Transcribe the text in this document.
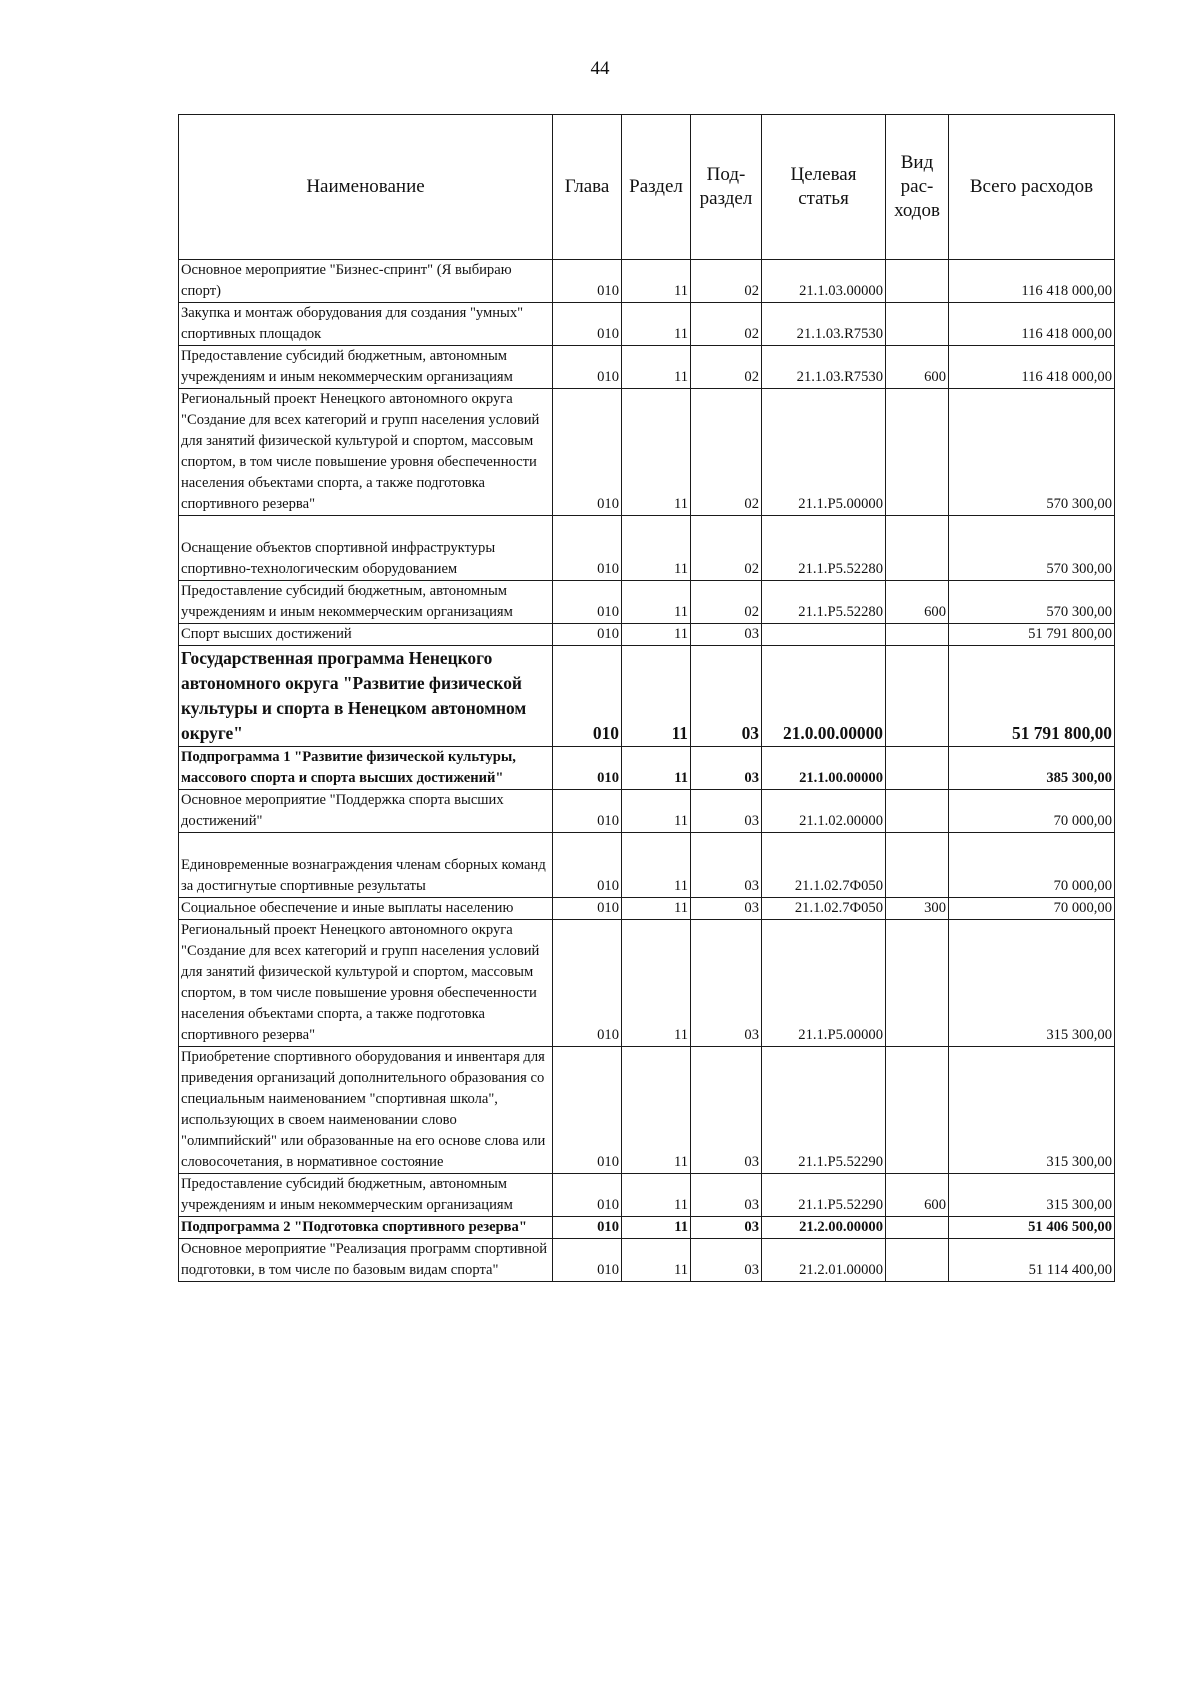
44
Наименование	Глава	Раздел	Под-раздел	Целевая статья	Вид рас-ходов	Всего расходов
Основное мероприятие "Бизнес-спринт" (Я выбираю спорт)	010	11	02	21.1.03.00000		116 418 000,00
Закупка и монтаж оборудования для создания "умных" спортивных площадок	010	11	02	21.1.03.R7530		116 418 000,00
Предоставление субсидий бюджетным, автономным учреждениям и иным некоммерческим организациям	010	11	02	21.1.03.R7530	600	116 418 000,00
Региональный проект Ненецкого автономного округа "Создание для всех категорий и групп населения условий для занятий физической культурой и спортом, массовым спортом, в том числе повышение уровня обеспеченности населения объектами спорта, а также подготовка спортивного резерва"	010	11	02	21.1.P5.00000		570 300,00
Оснащение объектов спортивной инфраструктуры спортивно-технологическим оборудованием	010	11	02	21.1.P5.52280		570 300,00
Предоставление субсидий бюджетным, автономным учреждениям и иным некоммерческим организациям	010	11	02	21.1.P5.52280	600	570 300,00
Спорт высших достижений	010	11	03			51 791 800,00
Государственная программа Ненецкого автономного округа "Развитие физической культуры и спорта в Ненецком автономном округе"	010	11	03	21.0.00.00000		51 791 800,00
Подпрограмма 1 "Развитие физической культуры, массового спорта и спорта высших достижений"	010	11	03	21.1.00.00000		385 300,00
Основное мероприятие "Поддержка спорта высших достижений"	010	11	03	21.1.02.00000		70 000,00
Единовременные вознаграждения членам сборных команд за достигнутые спортивные результаты	010	11	03	21.1.02.7Ф050		70 000,00
Социальное обеспечение и иные выплаты населению	010	11	03	21.1.02.7Ф050	300	70 000,00
Региональный проект Ненецкого автономного округа "Создание для всех категорий и групп населения условий для занятий физической культурой и спортом, массовым спортом, в том числе повышение уровня обеспеченности населения объектами спорта, а также подготовка спортивного резерва"	010	11	03	21.1.P5.00000		315 300,00
Приобретение спортивного оборудования и инвентаря для приведения организаций дополнительного образования со специальным наименованием "спортивная школа", использующих в своем наименовании слово "олимпийский" или образованные на его основе слова или словосочетания, в нормативное состояние	010	11	03	21.1.P5.52290		315 300,00
Предоставление субсидий бюджетным, автономным учреждениям и иным некоммерческим организациям	010	11	03	21.1.P5.52290	600	315 300,00
Подпрограмма 2 "Подготовка спортивного резерва"	010	11	03	21.2.00.00000		51 406 500,00
Основное мероприятие "Реализация программ спортивной подготовки, в том числе по базовым видам спорта"	010	11	03	21.2.01.00000		51 114 400,00
